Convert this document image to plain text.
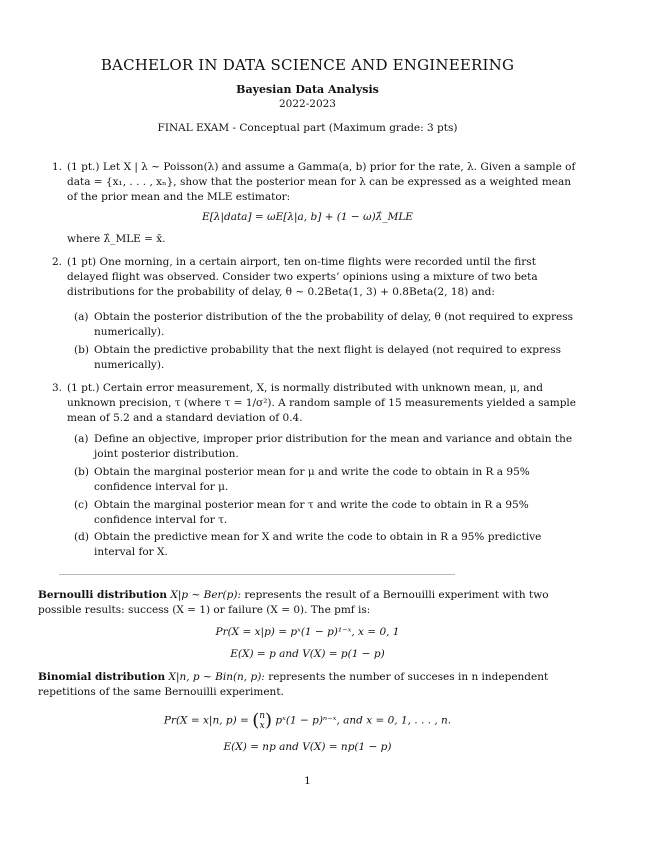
BACHELOR IN DATA SCIENCE AND ENGINEERING
Bayesian Data Analysis
2022-2023
FINAL EXAM - Conceptual part (Maximum grade: 3 pts)
1. (1 pt.) Let X | λ ∼ Poisson(λ) and assume a Gamma(a, b) prior for the rate, λ. Given a sample of data = {x₁, . . . , xₙ}, show that the posterior mean for λ can be expressed as a weighted mean of the prior mean and the MLE estimator:
E[λ|data] = ωE[λ|a, b] + (1 − ω)λ̂_MLE
where λ̂_MLE = x̄.
2. (1 pt) One morning, in a certain airport, ten on-time flights were recorded until the first delayed flight was observed. Consider two experts’ opinions using a mixture of two beta distributions for the probability of delay, θ ∼ 0.2Beta(1, 3) + 0.8Beta(2, 18) and:
(a) Obtain the posterior distribution of the the probability of delay, θ (not required to express numerically).
(b) Obtain the predictive probability that the next flight is delayed (not required to express numerically).
3. (1 pt.) Certain error measurement, X, is normally distributed with unknown mean, μ, and unknown precision, τ (where τ = 1/σ²). A random sample of 15 measurements yielded a sample mean of 5.2 and a standard deviation of 0.4.
(a) Define an objective, improper prior distribution for the mean and variance and obtain the joint posterior distribution.
(b) Obtain the marginal posterior mean for μ and write the code to obtain in R a 95% confidence interval for μ.
(c) Obtain the marginal posterior mean for τ and write the code to obtain in R a 95% confidence interval for τ.
(d) Obtain the predictive mean for X and write the code to obtain in R a 95% predictive interval for X.
Bernoulli distribution X|p ∼ Ber(p): represents the result of a Bernouilli experiment with two possible results: success (X = 1) or failure (X = 0). The pmf is:
Pr(X = x|p) = pˣ(1 − p)¹⁻ˣ, x = 0, 1
E(X) = p and V(X) = p(1 − p)
Binomial distribution X|n, p ∼ Bin(n, p): represents the number of succeses in n independent repetitions of the same Bernouilli experiment.
Pr(X = x|n, p) = (n
x) pˣ(1 − p)ⁿ⁻ˣ, and x = 0, 1, . . . , n.
E(X) = np and V(X) = np(1 − p)
1
